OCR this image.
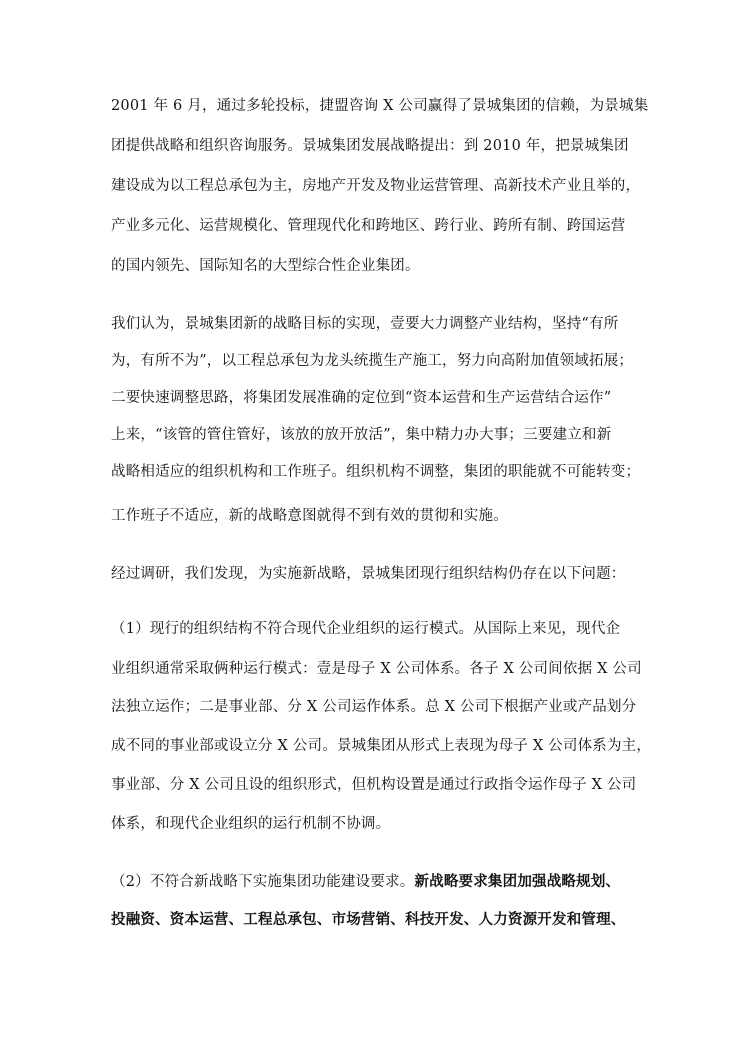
2001 年 6 月，通过多轮投标，捷盟咨询 X 公司赢得了景城集团的信赖，为景城集
团提供战略和组织咨询服务。景城集团发展战略提出：到 2010 年，把景城集团
建设成为以工程总承包为主，房地产开发及物业运营管理、高新技术产业且举的，
产业多元化、运营规模化、管理现代化和跨地区、跨行业、跨所有制、跨国运营
的国内领先、国际知名的大型综合性企业集团。
我们认为，景城集团新的战略目标的实现，壹要大力调整产业结构，坚持“有所
为，有所不为”，以工程总承包为龙头统揽生产施工，努力向高附加值领域拓展；
二要快速调整思路，将集团发展准确的定位到“资本运营和生产运营结合运作”
上来，“该管的管住管好，该放的放开放活”，集中精力办大事；三要建立和新
战略相适应的组织机构和工作班子。组织机构不调整，集团的职能就不可能转变；
工作班子不适应，新的战略意图就得不到有效的贯彻和实施。
经过调研，我们发现，为实施新战略，景城集团现行组织结构仍存在以下问题：
（1）现行的组织结构不符合现代企业组织的运行模式。从国际上来见，现代企
业组织通常采取俩种运行模式：壹是母子 X 公司体系。各子 X 公司间依据 X 公司
法独立运作；二是事业部、分 X 公司运作体系。总 X 公司下根据产业或产品划分
成不同的事业部或设立分 X 公司。景城集团从形式上表现为母子 X 公司体系为主，
事业部、分 X 公司且设的组织形式，但机构设置是通过行政指令运作母子 X 公司
体系，和现代企业组织的运行机制不协调。
（2）不符合新战略下实施集团功能建设要求。新战略要求集团加强战略规划、
投融资、资本运营、工程总承包、市场营销、科技开发、人力资源开发和管理、
